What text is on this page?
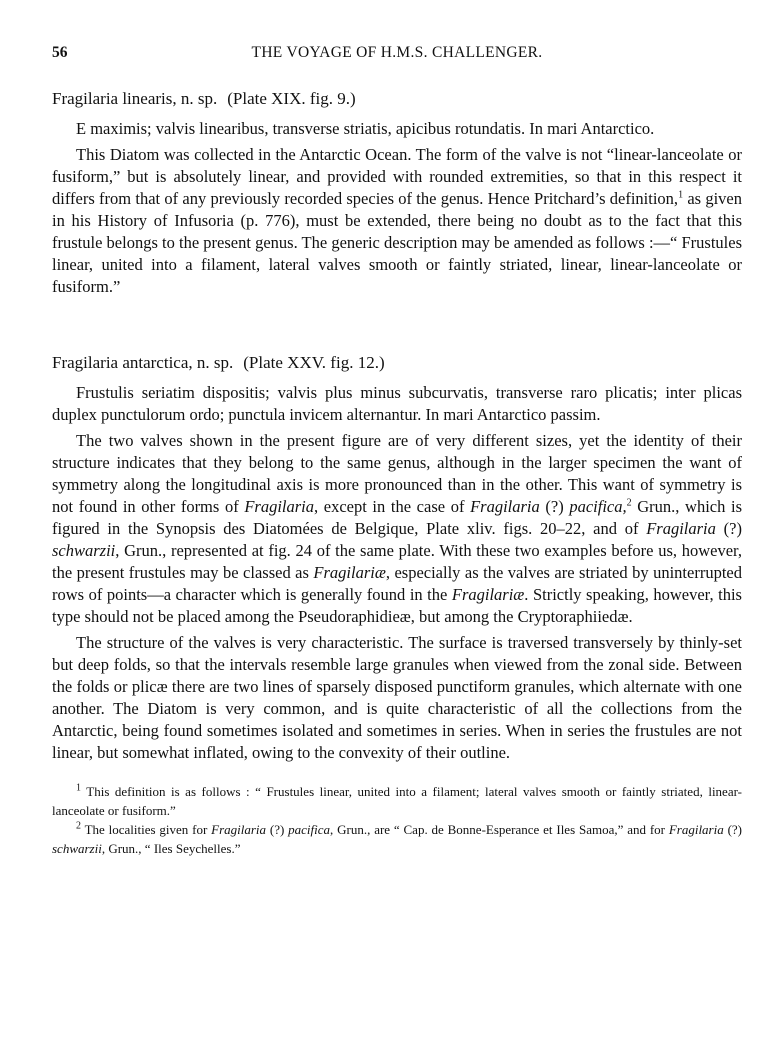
THE VOYAGE OF H.M.S. CHALLENGER.
56
Fragilaria linearis, n. sp. (Plate XIX. fig. 9.)

E maximis; valvis linearibus, transverse striatis, apicibus rotundatis. In mari Antarctico.

This Diatom was collected in the Antarctic Ocean. The form of the valve is not “linear-lanceolate or fusiform,” but is absolutely linear, and provided with rounded extremities, so that in this respect it differs from that of any previously recorded species of the genus. Hence Pritchard’s definition,$^1$ as given in his History of Infusoria (p. 776), must be extended, there being no doubt as to the fact that this frustule belongs to the present genus. The generic description may be amended as follows :—“ Frustules linear, united into a filament, lateral valves smooth or faintly striated, linear, linear-lanceolate or fusiform.”

Fragilaria antarctica, n. sp. (Plate XXV. fig. 12.)

Frustulis seriatim dispositis; valvis plus minus subcurvatis, transverse raro plicatis; inter plicas duplex punctulorum ordo; punctula invicem alternantur. In mari Antarctico passim.

The two valves shown in the present figure are of very different sizes, yet the identity of their structure indicates that they belong to the same genus, although in the larger specimen the want of symmetry along the longitudinal axis is more pronounced than in the other. This want of symmetry is not found in other forms of Fragilaria, except in the case of Fragilaria (?) pacifica,$^2$ Grun., which is figured in the Synopsis des Diatomées de Belgique, Plate xliv. figs. 20–22, and of Fragilaria (?) schwarzii, Grun., represented at fig. 24 of the same plate. With these two examples before us, however, the present frustules may be classed as Fragilariæ, especially as the valves are striated by uninterrupted rows of points—a character which is generally found in the Fragilariæ. Strictly speaking, however, this type should not be placed among the Pseudoraphidieæ, but among the Cryptoraphiiedæ.

The structure of the valves is very characteristic. The surface is traversed transversely by thinly-set but deep folds, so that the intervals resemble large granules when viewed from the zonal side. Between the folds or plicæ there are two lines of sparsely disposed punctiform granules, which alternate with one another. The Diatom is very common, and is quite characteristic of all the collections from the Antarctic, being found sometimes isolated and sometimes in series. When in series the frustules are not linear, but somewhat inflated, owing to the convexity of their outline.

$^1$ This definition is as follows : “ Frustules linear, united into a filament; lateral valves smooth or faintly striated, linear-lanceolate or fusiform.”

$^2$ The localities given for Fragilaria (?) pacifica, Grun., are “ Cap. de Bonne-Esperance et Iles Samoa,” and for Fragilaria (?) schwarzii, Grun., “ Iles Seychelles.”
